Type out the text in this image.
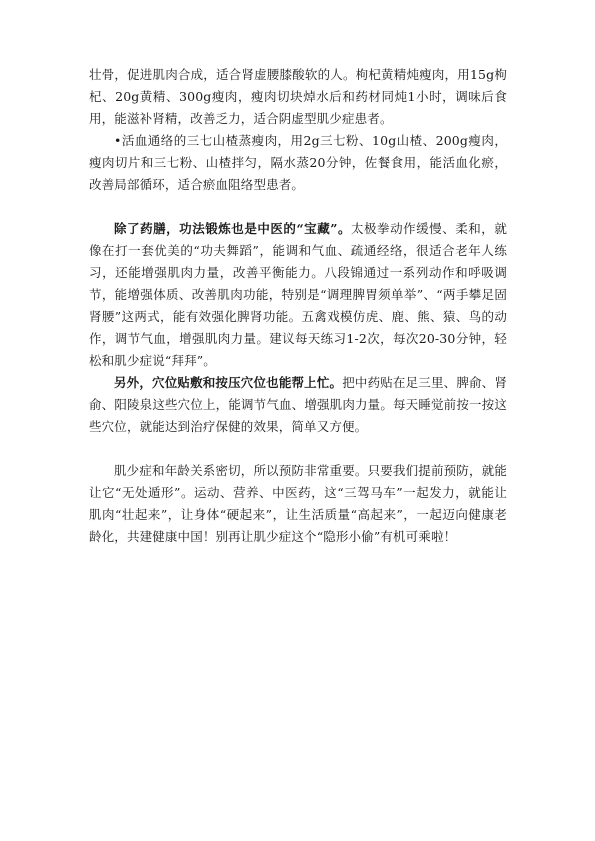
壮骨，促进肌肉合成，适合肾虚腰膝酸软的人。枸杞黄精炖瘦肉，用15g枸杞、20g黄精、300g瘦肉，瘦肉切块焯水后和药材同炖1小时，调味后食用，能滋补肾精，改善乏力，适合阴虚型肌少症患者。

•活血通络的三七山楂蒸瘦肉，用2g三七粉、10g山楂、200g瘦肉，瘦肉切片和三七粉、山楂拌匀，隔水蒸20分钟，佐餐食用，能活血化瘀，改善局部循环，适合瘀血阻络型患者。

除了药膳，功法锻炼也是中医的“宝藏”。太极拳动作缓慢、柔和，就像在打一套优美的“功夫舞蹈”，能调和气血、疏通经络，很适合老年人练习，还能增强肌肉力量，改善平衡能力。八段锦通过一系列动作和呼吸调节，能增强体质、改善肌肉功能，特别是“调理脾胃须单举”、“两手攀足固肾腰”这两式，能有效强化脾肾功能。五禽戏模仿虎、鹿、熊、猿、鸟的动作，调节气血，增强肌肉力量。建议每天练习1-2次，每次20-30分钟，轻松和肌少症说“拜拜”。

另外，穴位贴敷和按压穴位也能帮上忙。把中药贴在足三里、脾俞、肾俞、阳陵泉这些穴位上，能调节气血、增强肌肉力量。每天睡觉前按一按这些穴位，就能达到治疗保健的效果，简单又方便。

肌少症和年龄关系密切，所以预防非常重要。只要我们提前预防，就能让它“无处遁形”。运动、营养、中医药，这“三驾马车”一起发力，就能让肌肉“壮起来”，让身体“硬起来”，让生活质量“高起来”，一起迈向健康老龄化，共建健康中国！别再让肌少症这个“隐形小偷”有机可乘啦！
